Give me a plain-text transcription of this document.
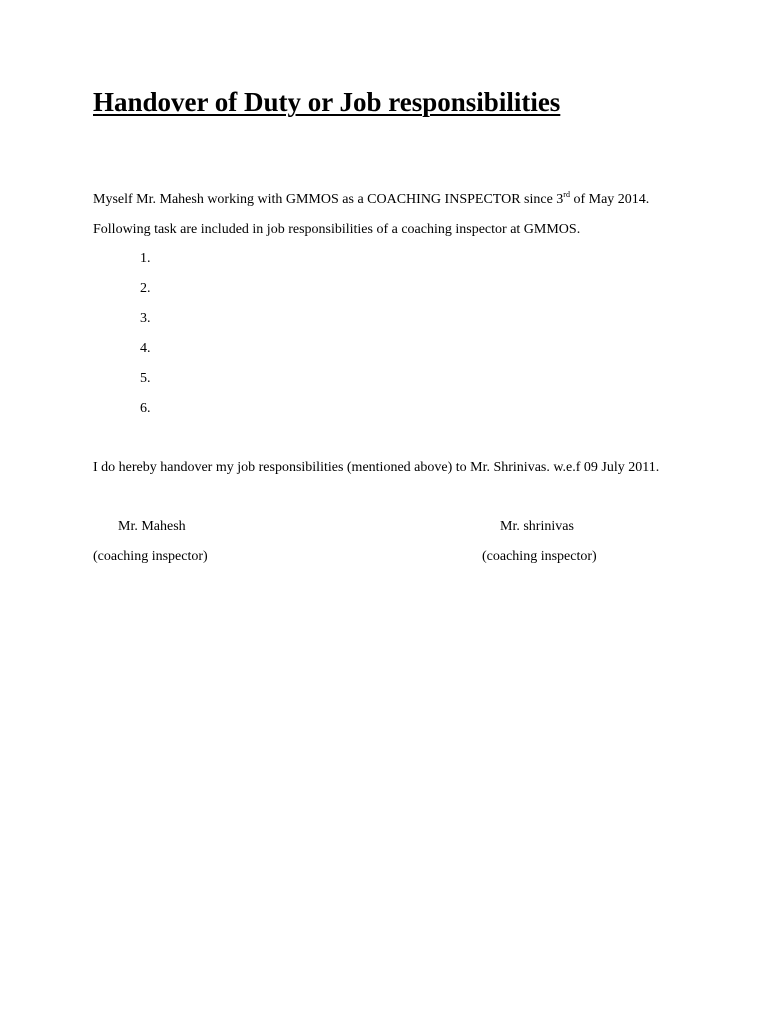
Handover of Duty or Job responsibilities
Myself Mr. Mahesh working with GMMOS as a COACHING INSPECTOR since 3rd of May 2014.
Following task are included in job responsibilities of a coaching inspector at GMMOS.
1.
2.
3.
4.
5.
6.
I do hereby handover my job responsibilities (mentioned above) to Mr. Shrinivas. w.e.f 09 July 2011.
Mr. Mahesh
(coaching inspector)
Mr. shrinivas
(coaching inspector)
